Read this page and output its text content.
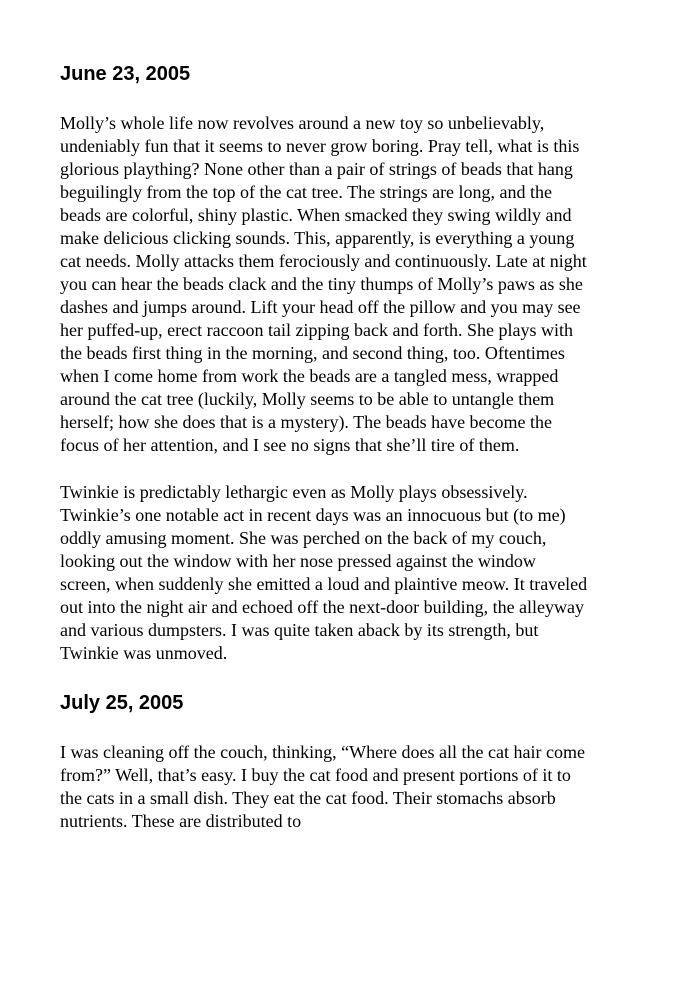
June 23, 2005

Molly’s whole life now revolves around a new toy so unbelievably, undeniably fun that it seems to never grow boring. Pray tell, what is this glorious plaything? None other than a pair of strings of beads that hang beguilingly from the top of the cat tree. The strings are long, and the beads are colorful, shiny plastic. When smacked they swing wildly and make delicious clicking sounds. This, apparently, is everything a young cat needs. Molly attacks them ferociously and continuously. Late at night you can hear the beads clack and the tiny thumps of Molly’s paws as she dashes and jumps around. Lift your head off the pillow and you may see her puffed-up, erect raccoon tail zipping back and forth. She plays with the beads first thing in the morning, and second thing, too. Oftentimes when I come home from work the beads are a tangled mess, wrapped around the cat tree (luckily, Molly seems to be able to untangle them herself; how she does that is a mystery). The beads have become the focus of her attention, and I see no signs that she’ll tire of them.

Twinkie is predictably lethargic even as Molly plays obsessively. Twinkie’s one notable act in recent days was an innocuous but (to me) oddly amusing moment. She was perched on the back of my couch, looking out the window with her nose pressed against the window screen, when suddenly she emitted a loud and plaintive meow. It traveled out into the night air and echoed off the next-door building, the alleyway and various dumpsters. I was quite taken aback by its strength, but Twinkie was unmoved.

July 25, 2005

I was cleaning off the couch, thinking, “Where does all the cat hair come from?” Well, that’s easy. I buy the cat food and present portions of it to the cats in a small dish. They eat the cat food. Their stomachs absorb nutrients. These are distributed to
